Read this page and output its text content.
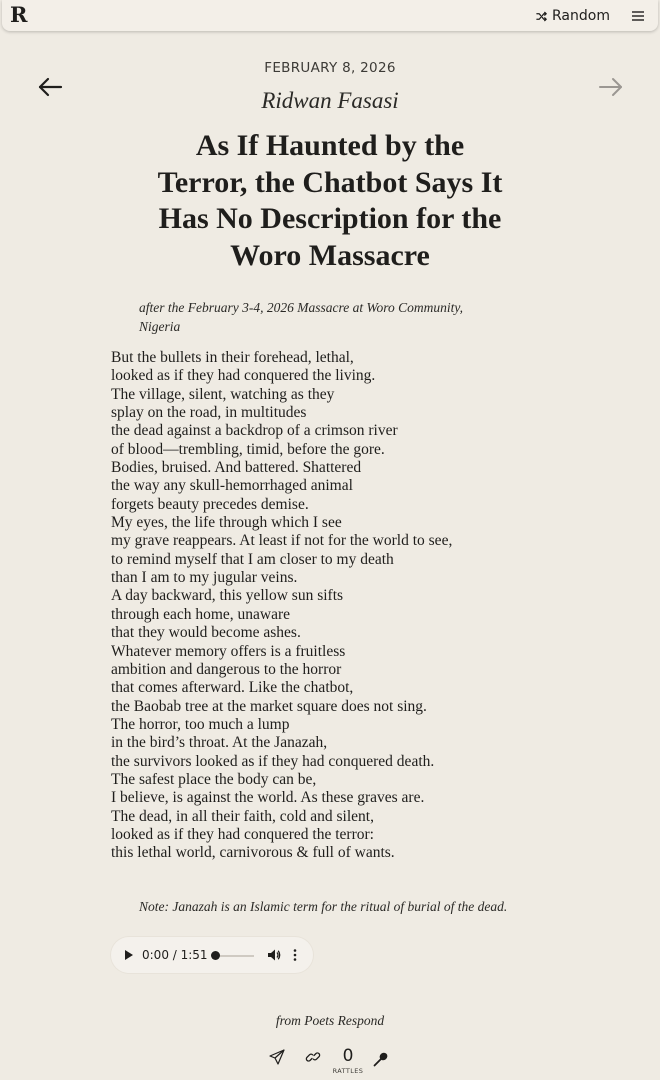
R	Random
FEBRUARY 8, 2026
Ridwan Fasasi
As If Haunted by the
Terror, the Chatbot Says It
Has No Description for the
Woro Massacre
after the February 3-4, 2026 Massacre at Woro Community,
Nigeria
But the bullets in their forehead, lethal,
looked as if they had conquered the living.
The village, silent, watching as they
splay on the road, in multitudes
the dead against a backdrop of a crimson river
of blood—trembling, timid, before the gore.
Bodies, bruised. And battered. Shattered
the way any skull-hemorrhaged animal
forgets beauty precedes demise.
My eyes, the life through which I see
my grave reappears. At least if not for the world to see,
to remind myself that I am closer to my death
than I am to my jugular veins.
A day backward, this yellow sun sifts
through each home, unaware
that they would become ashes.
Whatever memory offers is a fruitless
ambition and dangerous to the horror
that comes afterward. Like the chatbot,
the Baobab tree at the market square does not sing.
The horror, too much a lump
in the bird’s throat. At the Janazah,
the survivors looked as if they had conquered death.
The safest place the body can be,
I believe, is against the world. As these graves are.
The dead, in all their faith, cold and silent,
looked as if they had conquered the terror:
this lethal world, carnivorous & full of wants.
Note: Janazah is an Islamic term for the ritual of burial of the dead.
0:00 / 1:51
from Poets Respond
0
RATTLES
